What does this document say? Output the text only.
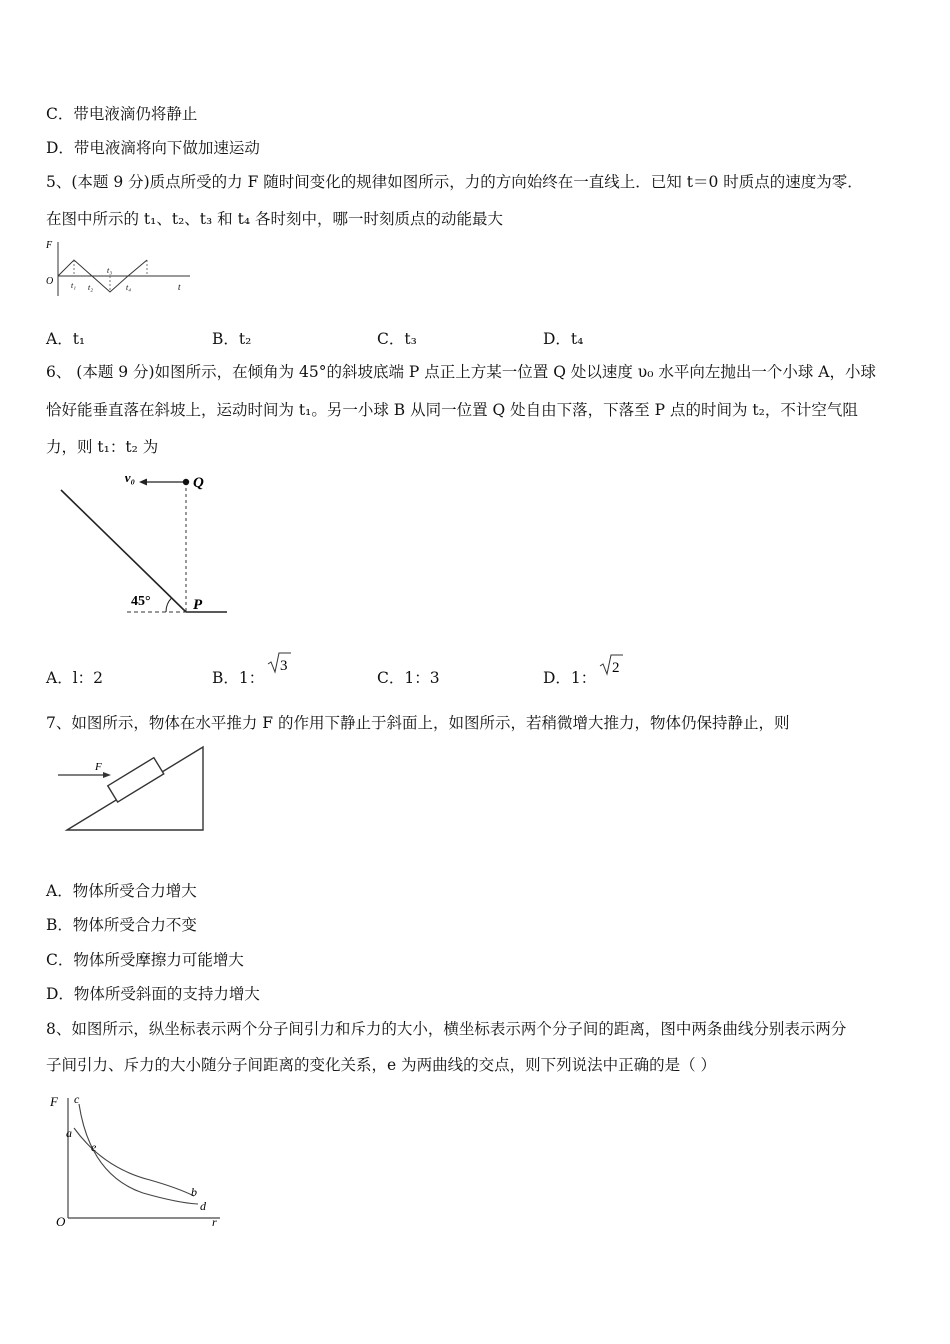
C．带电液滴仍将静止
D．带电液滴将向下做加速运动
5、(本题 9 分)质点所受的力 F 随时间变化的规律如图所示，力的方向始终在一直线上．已知 t＝0 时质点的速度为零．
在图中所示的 t₁、t₂、t₃ 和 t₄ 各时刻中，哪一时刻质点的动能最大
F
O	t
t₁ t₂
t₃
t₄
A．t₁	B．t₂	C．t₃	D．t₄
6、 (本题 9 分)如图所示，在倾角为 45°的斜坡底端 P 点正上方某一位置 Q 处以速度 υ₀ 水平向左抛出一个小球 A，小球
恰好能垂直落在斜坡上，运动时间为 t₁。另一小球 B 从同一位置 Q 处自由下落，下落至 P 点的时间为 t₂，不计空气阻
力，则 t₁：t₂ 为
v₀	Q
45°	P
A．l：2	B．1：
3
C．1：3	D．1：
2
7、如图所示，物体在水平推力 F 的作用下静止于斜面上，如图所示，若稍微增大推力，物体仍保持静止，则
F
A．物体所受合力增大
B．物体所受合力不变
C．物体所受摩擦力可能增大
D．物体所受斜面的支持力增大
8、如图所示，纵坐标表示两个分子间引力和斥力的大小，横坐标表示两个分子间的距离，图中两条曲线分别表示两分
子间引力、斥力的大小随分子间距离的变化关系，e 为两曲线的交点，则下列说法中正确的是（ ）
F
O	r
c
a
e
b
d
